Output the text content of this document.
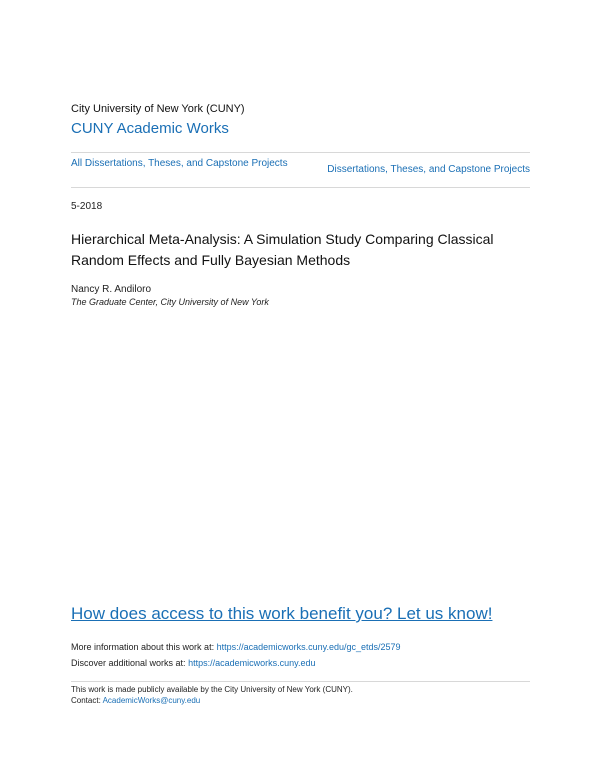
City University of New York (CUNY)
CUNY Academic Works
All Dissertations, Theses, and Capstone Projects
Dissertations, Theses, and Capstone Projects
5-2018
Hierarchical Meta-Analysis: A Simulation Study Comparing Classical Random Effects and Fully Bayesian Methods
Nancy R. Andiloro
The Graduate Center, City University of New York
How does access to this work benefit you? Let us know!
More information about this work at: https://academicworks.cuny.edu/gc_etds/2579
Discover additional works at: https://academicworks.cuny.edu
This work is made publicly available by the City University of New York (CUNY).
Contact: AcademicWorks@cuny.edu
